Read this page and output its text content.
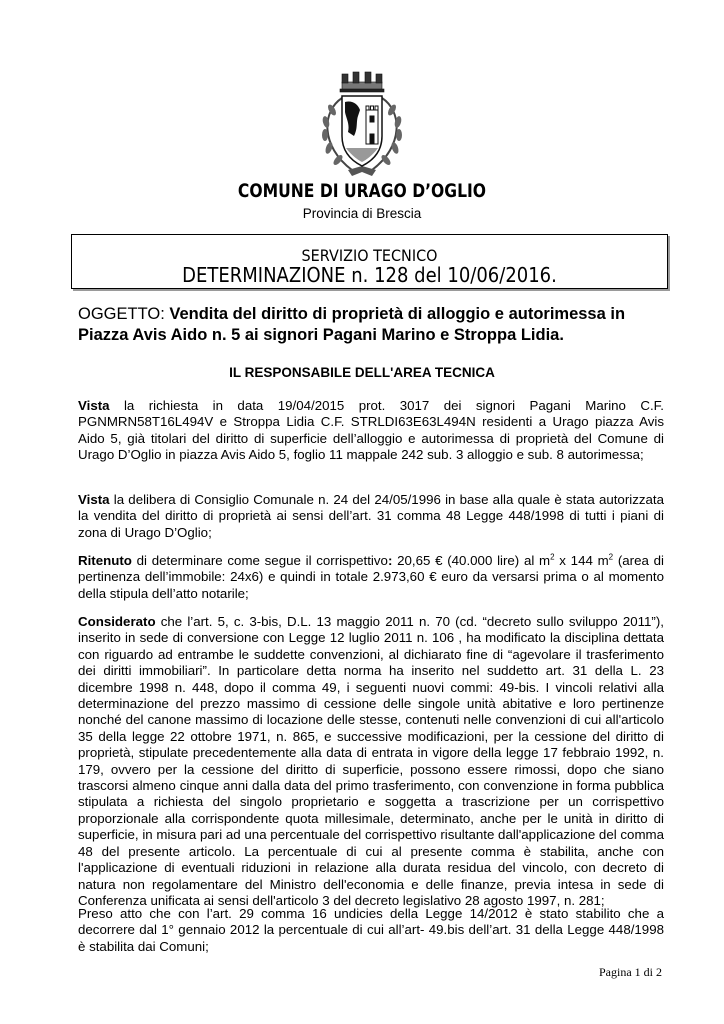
COMUNE DI URAGO D’OGLIO
Provincia di Brescia
SERVIZIO TECNICO
DETERMINAZIONE n. 128 del 10/06/2016.
OGGETTO: Vendita del diritto di proprietà di alloggio e autorimessa in Piazza Avis Aido n. 5 ai signori Pagani Marino e Stroppa Lidia.
IL RESPONSABILE DELL'AREA TECNICA
Vista la richiesta in data 19/04/2015 prot. 3017 dei signori Pagani Marino C.F. PGNMRN58T16L494V e Stroppa Lidia C.F. STRLDI63E63L494N residenti a Urago piazza Avis Aido 5, già titolari del diritto di superficie dell’alloggio e autorimessa di proprietà del Comune di Urago D’Oglio in piazza Avis Aido 5, foglio 11 mappale 242 sub. 3 alloggio e sub. 8 autorimessa;
Vista la delibera di Consiglio Comunale n. 24 del 24/05/1996 in base alla quale è stata autorizzata la vendita del diritto di proprietà ai sensi dell’art. 31 comma 48 Legge 448/1998 di tutti i piani di zona di Urago D’Oglio;
Ritenuto di determinare come segue il corrispettivo: 20,65 € (40.000 lire) al $m^2$ x 144 $m^2$ (area di pertinenza dell’immobile: 24x6) e quindi in totale 2.973,60 € euro da versarsi prima o al momento della stipula dell’atto notarile;
Considerato che l’art. 5, c. 3-bis, D.L. 13 maggio 2011 n. 70 (cd. “decreto sullo sviluppo 2011”), inserito in sede di conversione con Legge 12 luglio 2011 n. 106 , ha modificato la disciplina dettata con riguardo ad entrambe le suddette convenzioni, al dichiarato fine di “agevolare il trasferimento dei diritti immobiliari”. In particolare detta norma ha inserito nel suddetto art. 31 della L. 23 dicembre 1998 n. 448, dopo il comma 49, i seguenti nuovi commi: 49-bis. I vincoli relativi alla determinazione del prezzo massimo di cessione delle singole unità abitative e loro pertinenze nonché del canone massimo di locazione delle stesse, contenuti nelle convenzioni di cui all'articolo 35 della legge 22 ottobre 1971, n. 865, e successive modificazioni, per la cessione del diritto di proprietà, stipulate precedentemente alla data di entrata in vigore della legge 17 febbraio 1992, n. 179, ovvero per la cessione del diritto di superficie, possono essere rimossi, dopo che siano trascorsi almeno cinque anni dalla data del primo trasferimento, con convenzione in forma pubblica stipulata a richiesta del singolo proprietario e soggetta a trascrizione per un corrispettivo proporzionale alla corrispondente quota millesimale, determinato, anche per le unità in diritto di superficie, in misura pari ad una percentuale del corrispettivo risultante dall'applicazione del comma 48 del presente articolo. La percentuale di cui al presente comma è stabilita, anche con l'applicazione di eventuali riduzioni in relazione alla durata residua del vincolo, con decreto di natura non regolamentare del Ministro dell'economia e delle finanze, previa intesa in sede di Conferenza unificata ai sensi dell'articolo 3 del decreto legislativo 28 agosto 1997, n. 281;
Preso atto che con l’art. 29 comma 16 undicies della Legge 14/2012 è stato stabilito che a decorrere dal 1° gennaio 2012 la percentuale di cui all’art- 49.bis dell’art. 31 della Legge 448/1998 è stabilita dai Comuni;
Pagina 1 di 2
